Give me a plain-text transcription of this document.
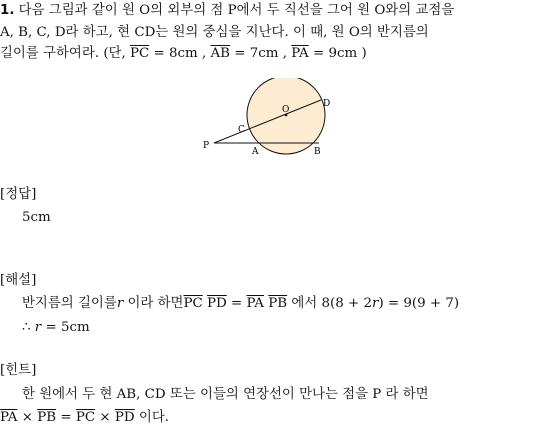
1. 다음 그림과 같이 원 O의 외부의 점 P에서 두 직선을 그어 원 O와의 교점을
A, B, C, D라 하고, 현 CD는 원의 중심을 지난다. 이 때, 원 O의 반지름의
길이를 구하여라. (단, $\overline{PC} = 8cm$ , $\overline{AB} = 7cm$ , $\overline{PA} = 9cm$ )
P
A	B
C
D
O
[정답]
5cm
[해설]
반지름의 길이를r 이라 하면$\overline{PC}$ $\overline{PD} = \overline{PA}$ $\overline{PB}$ 에서 8(8 + 2r) = 9(9 + 7)
∴ r = 5cm
[힌트]
한 원에서 두 현 AB, CD 또는 이들의 연장선이 만나는 점을 P 라 하면
$\overline{PA} \times \overline{PB} = \overline{PC} \times \overline{PD}$ 이다.
